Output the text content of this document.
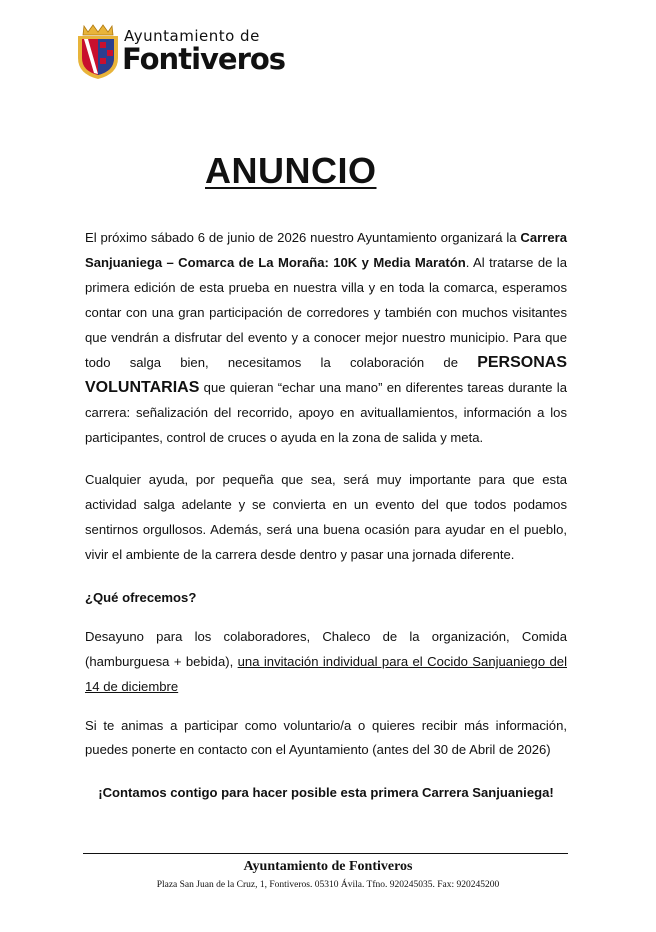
Ayuntamiento de
Fontiveros
ANUNCIO

El próximo sábado 6 de junio de 2026 nuestro Ayuntamiento organizará la Carrera Sanjuaniega – Comarca de La Moraña: 10K y Media Maratón. Al tratarse de la primera edición de esta prueba en nuestra villa y en toda la comarca, esperamos contar con una gran participación de corredores y también con muchos visitantes que vendrán a disfrutar del evento y a conocer mejor nuestro municipio. Para que todo salga bien, necesitamos la colaboración de PERSONAS VOLUNTARIAS que quieran “echar una mano” en diferentes tareas durante la carrera: señalización del recorrido, apoyo en avituallamientos, información a los participantes, control de cruces o ayuda en la zona de salida y meta.

Cualquier ayuda, por pequeña que sea, será muy importante para que esta actividad salga adelante y se convierta en un evento del que todos podamos sentirnos orgullosos. Además, será una buena ocasión para ayudar en el pueblo, vivir el ambiente de la carrera desde dentro y pasar una jornada diferente.

¿Qué ofrecemos?

Desayuno para los colaboradores, Chaleco de la organización, Comida (hamburguesa + bebida), una invitación individual para el Cocido Sanjuaniego del 14 de diciembre

Si te animas a participar como voluntario/a o quieres recibir más información, puedes ponerte en contacto con el Ayuntamiento (antes del 30 de Abril de 2026)

¡Contamos contigo para hacer posible esta primera Carrera Sanjuaniega!

Ayuntamiento de Fontiveros
Plaza San Juan de la Cruz, 1, Fontiveros. 05310 Ávila. Tfno. 920245035. Fax: 920245200
